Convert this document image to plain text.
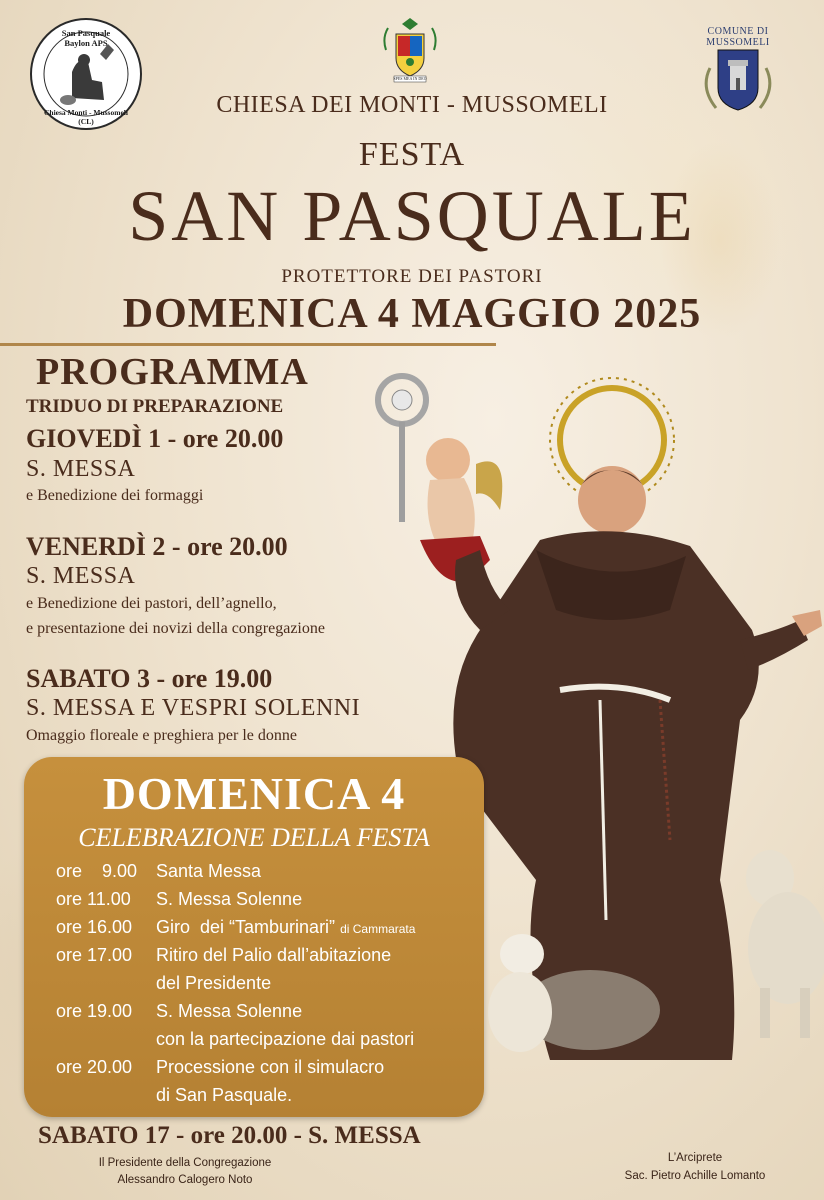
San Pasquale Baylon APS
Chiesa Monti - Mussomeli (CL)
SPES MEA IN DEO
COMUNE DI MUSSOMELI
CHIESA DEI MONTI - MUSSOMELI
FESTA
SAN PASQUALE
PROTETTORE DEI PASTORI
DOMENICA 4 MAGGIO 2025
PROGRAMMA
TRIDUO DI PREPARAZIONE
GIOVEDÌ 1 - ore 20.00
S. MESSA
e Benedizione dei formaggi
VENERDÌ 2 - ore 20.00
S. MESSA
e Benedizione dei pastori, dell’agnello,
e presentazione dei novizi della congregazione
SABATO 3 - ore 19.00
S. MESSA E VESPRI SOLENNI
Omaggio floreale e preghiera per le donne
DOMENICA 4
CELEBRAZIONE DELLA FESTA
ore    9.00 Santa Messa
ore 11.00 S. Messa Solenne
ore 16.00 Giro  dei “Tamburinari” di Cammarata
ore 17.00 Ritiro del Palio dall’abitazione
del Presidente
ore 19.00 S. Messa Solenne
con la partecipazione dai pastori
ore 20.00 Processione con il simulacro
di San Pasquale.
SABATO 17 - ore 20.00 - S. MESSA
Il Presidente della Congregazione
Alessandro Calogero Noto
L’Arciprete
Sac. Pietro Achille Lomanto
